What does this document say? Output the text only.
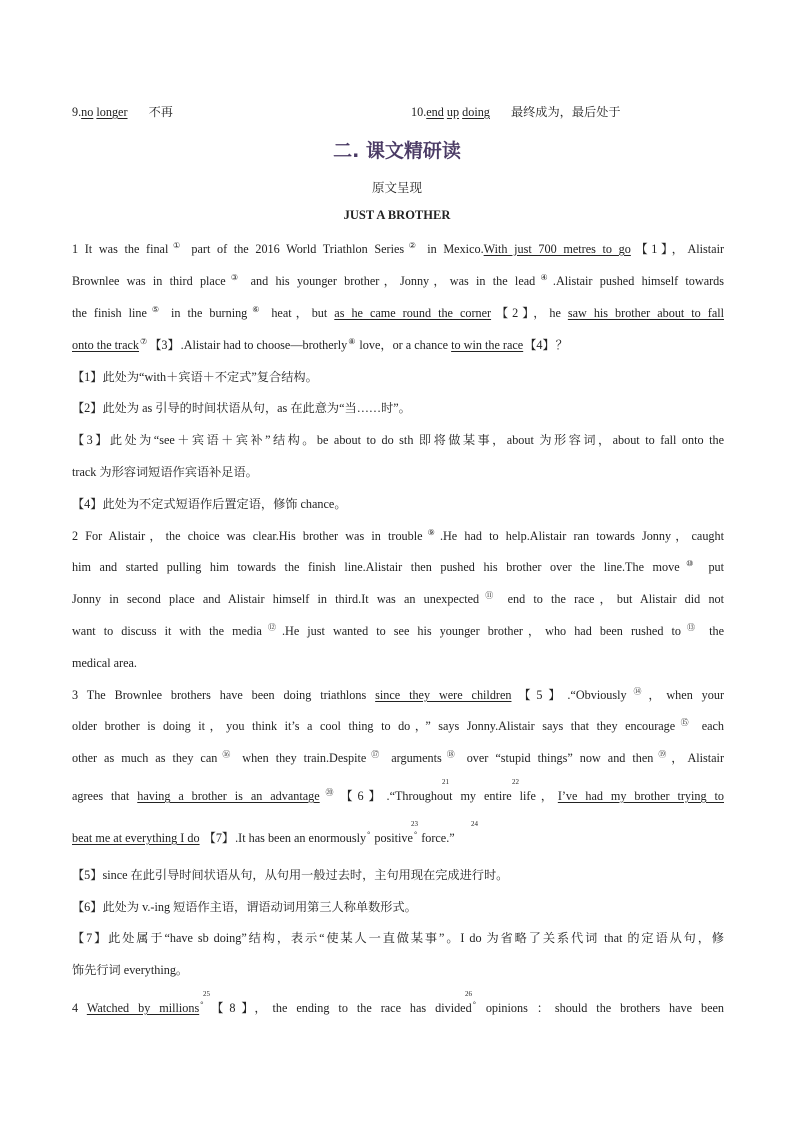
9.no longer 不再	10.end up doing 最终成为，最后处于
二. 课文精研读
原文呈现
JUST A BROTHER
1 It was the final① part of the 2016 World Triathlon Series② in Mexico.With just 700 metres to go【1】，Alistair
Brownlee was in third place③ and his younger brother，Jonny，was in the lead④.Alistair pushed himself towards
the finish line⑤ in the burning⑥ heat，but as he came round the corner【2】，he saw his brother about to fall
onto the track⑦ 【3】.Alistair had to choose—brotherly⑧ love，or a chance to win the race【4】？
【1】此处为“with＋宾语＋不定式”复合结构。
【2】此处为 as 引导的时间状语从句，as 在此意为“当……时”。
【3】此处为“see＋宾语＋宾补”结构。be about to do sth 即将做某事，about 为形容词，about to fall onto the
track 为形容词短语作宾语补足语。
【4】此处为不定式短语作后置定语，修饰 chance。
2 For Alistair，the choice was clear.His brother was in trouble⑨.He had to help.Alistair ran towards Jonny，caught
him and started pulling him towards the finish line.Alistair then pushed his brother over the line.The move⑩ put
Jonny in second place and Alistair himself in third.It was an unexpected⑪ end to the race，but Alistair did not
want to discuss it with the media⑫.He just wanted to see his younger brother，who had been rushed to⑬ the
medical area.
3 The Brownlee brothers have been doing triathlons since they were children【5】.“Obviously⑭，when your
older brother is doing it，you think it’s a cool thing to do，” says Jonny.Alistair says that they encourage⑮ each
other as much as they can⑯ when they train.Despite⑰ arguments⑱ over “stupid things” now and then⑲，Alistair
21	22
agrees that having a brother is an advantage⑳ 【6】.“Throughout my entire life，I’ve had my brother trying to
23	24
beat me at everything I do 【7】.It has been an enormously° positive° force.”
【5】since 在此引导时间状语从句，从句用一般过去时，主句用现在完成进行时。
【6】此处为 v.-ing 短语作主语，谓语动词用第三人称单数形式。
【7】此处属于“have sb doing”结构，表示“使某人一直做某事”。I do 为省略了关系代词 that 的定语从句，修
饰先行词 everything。
25	26
4 Watched by millions° 【8】，the ending to the race has divided° opinions ：should the brothers have been
